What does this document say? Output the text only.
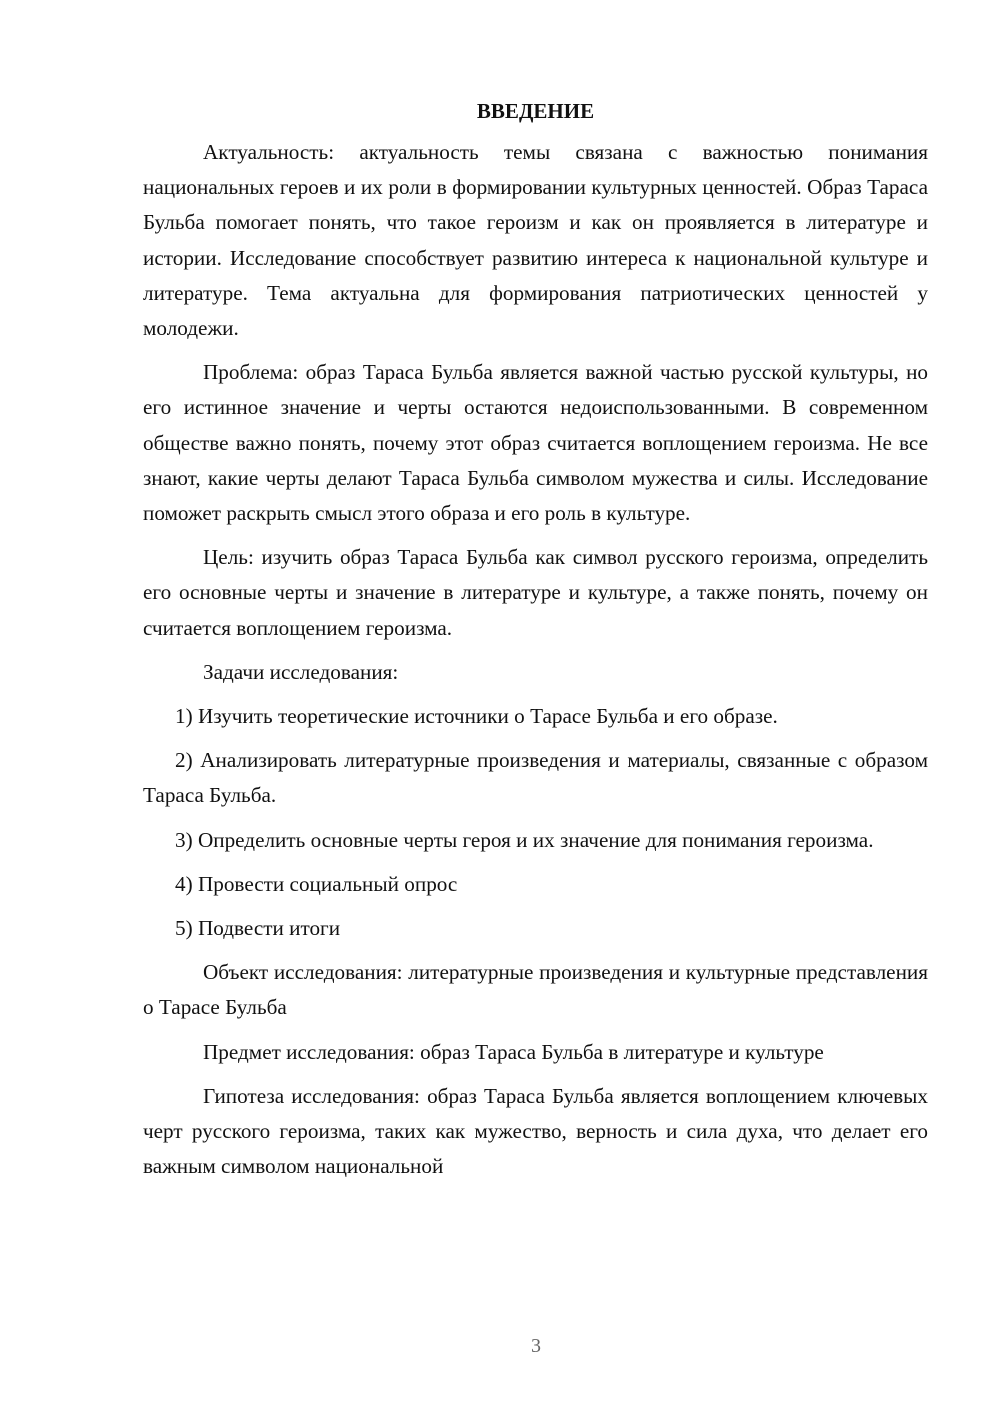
ВВЕДЕНИЕ

Актуальность: актуальность темы связана с важностью понимания национальных героев и их роли в формировании культурных ценностей. Образ Тараса Бульба помогает понять, что такое героизм и как он проявляется в литературе и истории. Исследование способствует развитию интереса к национальной культуре и литературе. Тема актуальна для формирования патриотических ценностей у молодежи.

Проблема: образ Тараса Бульба является важной частью русской культуры, но его истинное значение и черты остаются недоиспользованными. В современном обществе важно понять, почему этот образ считается воплощением героизма. Не все знают, какие черты делают Тараса Бульба символом мужества и силы. Исследование поможет раскрыть смысл этого образа и его роль в культуре.

Цель: изучить образ Тараса Бульба как символ русского героизма, определить его основные черты и значение в литературе и культуре, а также понять, почему он считается воплощением героизма.

Задачи исследования:

1) Изучить теоретические источники о Тарасе Бульба и его образе.

2) Анализировать литературные произведения и материалы, связанные с образом Тараса Бульба.

3) Определить основные черты героя и их значение для понимания героизма.

4) Провести социальный опрос

5) Подвести итоги

Объект исследования: литературные произведения и культурные представления о Тарасе Бульба

Предмет исследования: образ Тараса Бульба в литературе и культуре

Гипотеза исследования: образ Тараса Бульба является воплощением ключевых черт русского героизма, таких как мужество, верность и сила духа, что делает его важным символом национальной

3
